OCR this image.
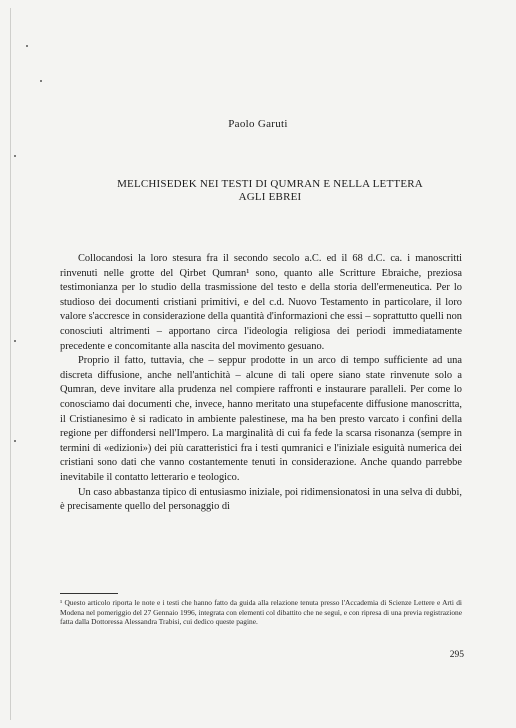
Paolo Garuti
MELCHISEDEK NEI TESTI DI QUMRAN E NELLA LETTERA
AGLI EBREI

Collocandosi la loro stesura fra il secondo secolo a.C. ed il 68 d.C. ca. i manoscritti rinvenuti nelle grotte del Qirbet Qumran¹ sono, quanto alle Scritture Ebraiche, preziosa testimonianza per lo studio della trasmissione del testo e della storia dell'ermeneutica. Per lo studioso dei documenti cristiani primitivi, e del c.d. Nuovo Testamento in particolare, il loro valore s'accresce in considerazione della quantità d'informazioni che essi – soprattutto quelli non conosciuti altrimenti – apportano circa l'ideologia religiosa dei periodi immediatamente precedente e concomitante alla nascita del movimento gesuano.

Proprio il fatto, tuttavia, che – seppur prodotte in un arco di tempo sufficiente ad una discreta diffusione, anche nell'antichità – alcune di tali opere siano state rinvenute solo a Qumran, deve invitare alla prudenza nel compiere raffronti e instaurare paralleli. Per come lo conosciamo dai documenti che, invece, hanno meritato una stupefacente diffusione manoscritta, il Cristianesimo è si radicato in ambiente palestinese, ma ha ben presto varcato i confini della regione per diffondersi nell'Impero. La marginalità di cui fa fede la scarsa risonanza (sempre in termini di «edizioni») dei più caratteristici fra i testi qumranici e l'iniziale esiguità numerica dei cristiani sono dati che vanno costantemente tenuti in considerazione. Anche quando parrebbe inevitabile il contatto letterario e teologico.

Un caso abbastanza tipico di entusiasmo iniziale, poi ridimensionatosi in una selva di dubbi, è precisamente quello del personaggio di

¹ Questo articolo riporta le note e i testi che hanno fatto da guida alla relazione tenuta presso l'Accademia di Scienze Lettere e Arti di Modena nel pomeriggio del 27 Gennaio 1996, integrata con elementi col dibattito che ne seguì, e con ripresa di una previa registrazione fatta dalla Dottoressa Alessandra Trabisi, cui dedico queste pagine.
295
